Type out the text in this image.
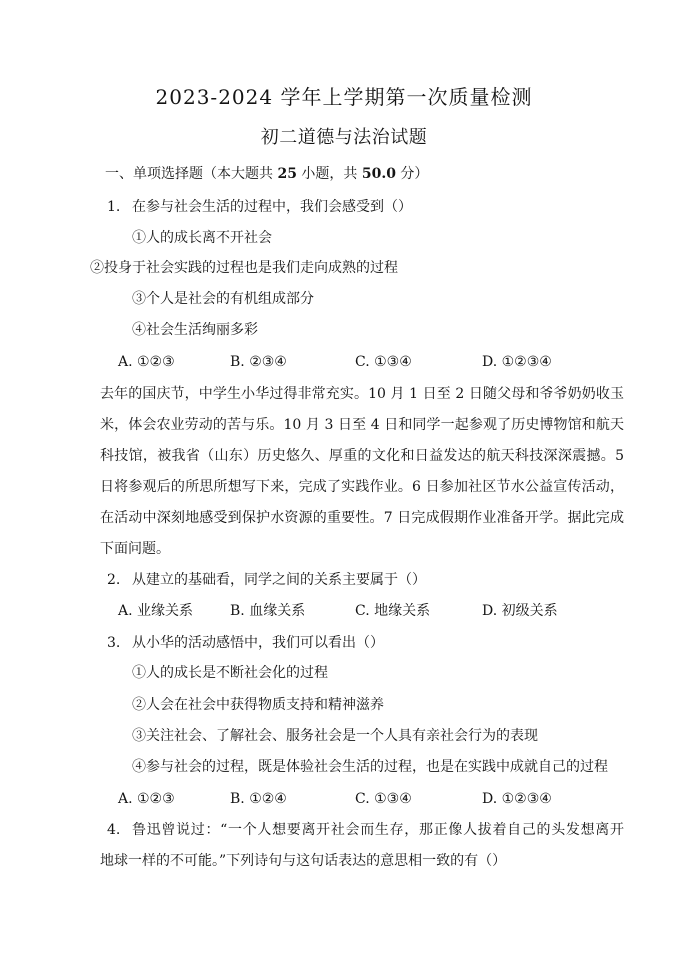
2023-2024 学年上学期第一次质量检测
初二道德与法治试题
一、单项选择题（本大题共 25 小题，共 50.0 分）
1. 在参与社会生活的过程中，我们会感受到（）
①人的成长离不开社会
②投身于社会实践的过程也是我们走向成熟的过程
③个人是社会的有机组成部分
④社会生活绚丽多彩
A. ①②③	B. ②③④	C. ①③④	D. ①②③④
去年的国庆节，中学生小华过得非常充实。10 月 1 日至 2 日随父母和爷爷奶奶收玉
米，体会农业劳动的苦与乐。10 月 3 日至 4 日和同学一起参观了历史博物馆和航天
科技馆，被我省（山东）历史悠久、厚重的文化和日益发达的航天科技深深震撼。5
日将参观后的所思所想写下来，完成了实践作业。6 日参加社区节水公益宣传活动，
在活动中深刻地感受到保护水资源的重要性。7 日完成假期作业准备开学。据此完成
下面问题。
2. 从建立的基础看，同学之间的关系主要属于（）
A. 业缘关系	B. 血缘关系	C. 地缘关系	D. 初级关系
3. 从小华的活动感悟中，我们可以看出（）
①人的成长是不断社会化的过程
②人会在社会中获得物质支持和精神滋养
③关注社会、了解社会、服务社会是一个人具有亲社会行为的表现
④参与社会的过程，既是体验社会生活的过程，也是在实践中成就自己的过程
A. ①②③	B. ①②④	C. ①③④	D. ①②③④
4. 鲁迅曾说过：“一个人想要离开社会而生存，那正像人拔着自己的头发想离开
地球一样的不可能。”下列诗句与这句话表达的意思相一致的有（）
